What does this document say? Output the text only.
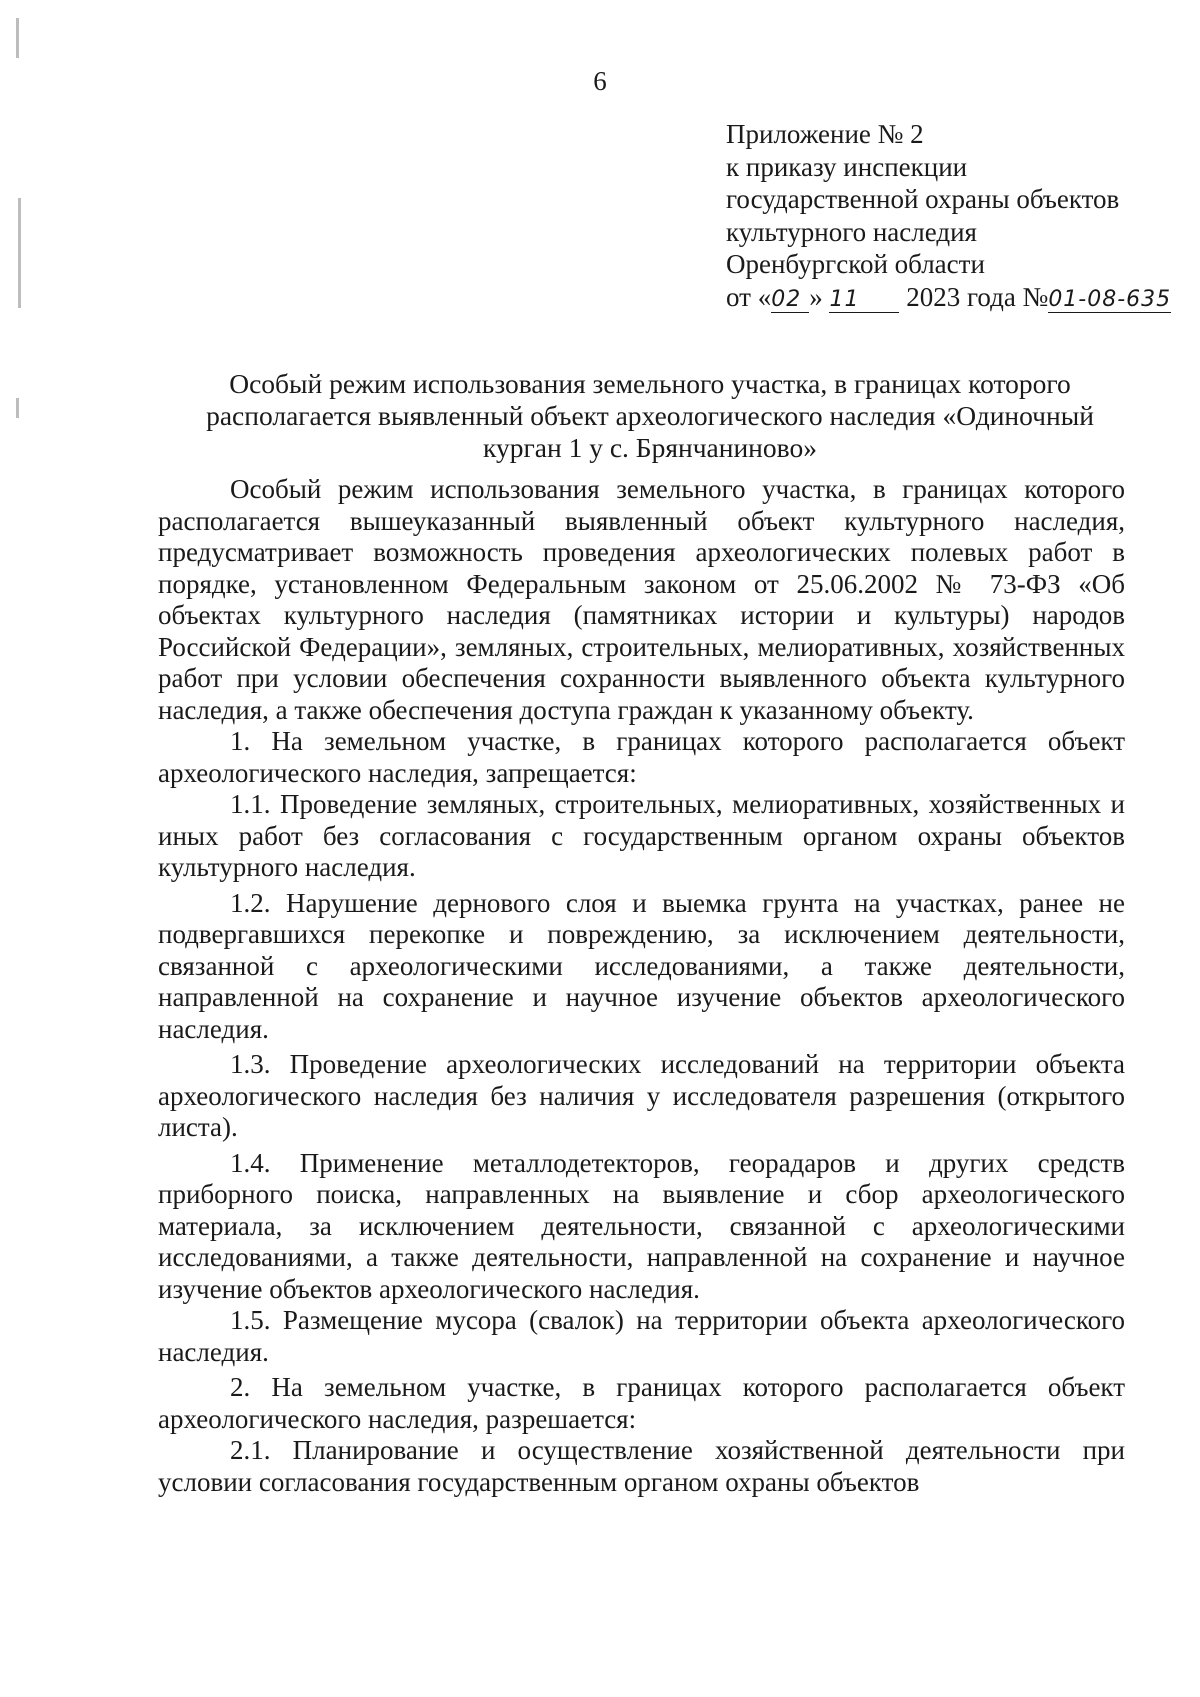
6
Приложение № 2
к приказу инспекции
государственной охраны объектов
культурного наследия
Оренбургской области
от «02 » 11 2023 года №01-08-635
Особый режим использования земельного участка, в границах которого располагается выявленный объект археологического наследия «Одиночный курган 1 у с. Брянчаниново»

Особый режим использования земельного участка, в границах которого располагается вышеуказанный выявленный объект культурного наследия, предусматривает возможность проведения археологических полевых работ в порядке, установленном Федеральным законом от 25.06.2002 № 73-ФЗ «Об объектах культурного наследия (памятниках истории и культуры) народов Российской Федерации», земляных, строительных, мелиоративных, хозяйственных работ при условии обеспечения сохранности выявленного объекта культурного наследия, а также обеспечения доступа граждан к указанному объекту.

1. На земельном участке, в границах которого располагается объект археологического наследия, запрещается:

1.1. Проведение земляных, строительных, мелиоративных, хозяйственных и иных работ без согласования с государственным органом охраны объектов культурного наследия.

1.2. Нарушение дернового слоя и выемка грунта на участках, ранее не подвергавшихся перекопке и повреждению, за исключением деятельности, связанной с археологическими исследованиями, а также деятельности, направленной на сохранение и научное изучение объектов археологического наследия.

1.3. Проведение археологических исследований на территории объекта археологического наследия без наличия у исследователя разрешения (открытого листа).

1.4. Применение металлодетекторов, георадаров и других средств приборного поиска, направленных на выявление и сбор археологического материала, за исключением деятельности, связанной с археологическими исследованиями, а также деятельности, направленной на сохранение и научное изучение объектов археологического наследия.

1.5. Размещение мусора (свалок) на территории объекта археологического наследия.

2. На земельном участке, в границах которого располагается объект археологического наследия, разрешается:

2.1. Планирование и осуществление хозяйственной деятельности при условии согласования государственным органом охраны объектов
